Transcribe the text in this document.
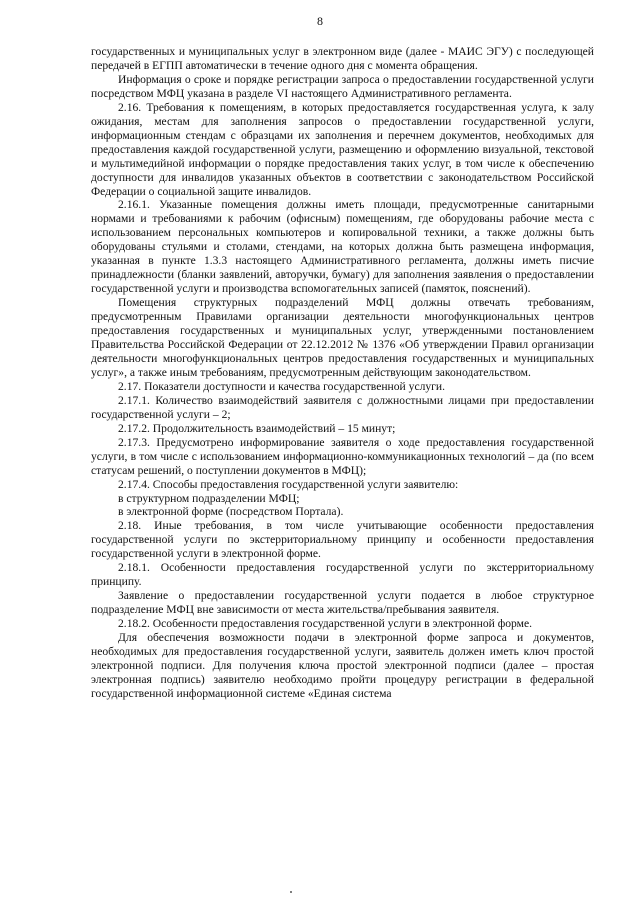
8

государственных и муниципальных услуг в электронном виде (далее - МАИС ЭГУ) с последующей передачей в ЕГПП автоматически в течение одного дня с момента обращения.

Информация о сроке и порядке регистрации запроса о предоставлении государственной услуги посредством МФЦ указана в разделе VI настоящего Административного регламента.

2.16. Требования к помещениям, в которых предоставляется государственная услуга, к залу ожидания, местам для заполнения запросов о предоставлении государственной услуги, информационным стендам с образцами их заполнения и перечнем документов, необходимых для предоставления каждой государственной услуги, размещению и оформлению визуальной, текстовой и мультимедийной информации о порядке предоставления таких услуг, в том числе к обеспечению доступности для инвалидов указанных объектов в соответствии с законодательством Российской Федерации о социальной защите инвалидов.

2.16.1. Указанные помещения должны иметь площади, предусмотренные санитарными нормами и требованиями к рабочим (офисным) помещениям, где оборудованы рабочие места с использованием персональных компьютеров и копировальной техники, а также должны быть оборудованы стульями и столами, стендами, на которых должна быть размещена информация, указанная в пункте 1.3.3 настоящего Административного регламента, должны иметь писчие принадлежности (бланки заявлений, авторучки, бумагу) для заполнения заявления о предоставлении государственной услуги и производства вспомогательных записей (памяток, пояснений).

Помещения структурных подразделений МФЦ должны отвечать требованиям, предусмотренным Правилами организации деятельности многофункциональных центров предоставления государственных и муниципальных услуг, утвержденными постановлением Правительства Российской Федерации от 22.12.2012 № 1376 «Об утверждении Правил организации деятельности многофункциональных центров предоставления государственных и муниципальных услуг», а также иным требованиям, предусмотренным действующим законодательством.

2.17. Показатели доступности и качества государственной услуги.

2.17.1. Количество взаимодействий заявителя с должностными лицами при предоставлении государственной услуги – 2;

2.17.2. Продолжительность взаимодействий – 15 минут;

2.17.3. Предусмотрено информирование заявителя о ходе предоставления государственной услуги, в том числе с использованием информационно-коммуникационных технологий – да (по всем статусам решений, о поступлении документов в МФЦ);

2.17.4. Способы предоставления государственной услуги заявителю:

в структурном подразделении МФЦ;

в электронной форме (посредством Портала).

2.18. Иные требования, в том числе учитывающие особенности предоставления государственной услуги по экстерриториальному принципу и особенности предоставления государственной услуги в электронной форме.

2.18.1. Особенности предоставления государственной услуги по экстерриториальному принципу.

Заявление о предоставлении государственной услуги подается в любое структурное подразделение МФЦ вне зависимости от места жительства/пребывания заявителя.

2.18.2. Особенности предоставления государственной услуги в электронной форме.

Для обеспечения возможности подачи в электронной форме запроса и документов, необходимых для предоставления государственной услуги, заявитель должен иметь ключ простой электронной подписи. Для получения ключа простой электронной подписи (далее – простая электронная подпись) заявителю необходимо пройти процедуру регистрации в федеральной государственной информационной системе «Единая система
